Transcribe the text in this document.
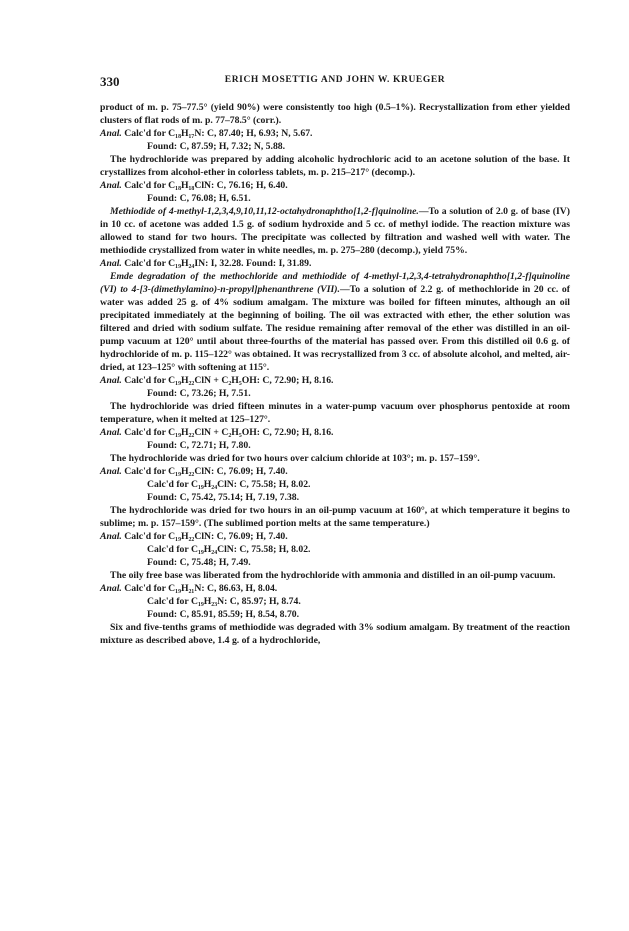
330	ERICH MOSETTIG AND JOHN W. KRUEGER

product of m. p. 75–77.5° (yield 90%) were consistently too high (0.5–1%). Recrystallization from ether yielded clusters of flat rods of m. p. 77–78.5° (corr.).

Anal. Calc'd for C₁₈H₁₇N: C, 87.40; H, 6.93; N, 5.67.

Found: C, 87.59; H, 7.32; N, 5.88.

The hydrochloride was prepared by adding alcoholic hydrochloric acid to an acetone solution of the base. It crystallizes from alcohol-ether in colorless tablets, m. p. 215–217° (decomp.).

Anal. Calc'd for C₁₈H₁₈ClN: C, 76.16; H, 6.40.

Found: C, 76.08; H, 6.51.

Methiodide of 4-methyl-1,2,3,4,9,10,11,12-octahydronaphtho[1,2-f]quinoline.—To a solution of 2.0 g. of base (IV) in 10 cc. of acetone was added 1.5 g. of sodium hydroxide and 5 cc. of methyl iodide. The reaction mixture was allowed to stand for two hours. The precipitate was collected by filtration and washed well with water. The methiodide crystallized from water in white needles, m. p. 275–280 (decomp.), yield 75%.

Anal. Calc'd for C₁₉H₂₄IN: I, 32.28. Found: I, 31.89.

Emde degradation of the methochloride and methiodide of 4-methyl-1,2,3,4-tetrahydronaphtho[1,2-f]quinoline (VI) to 4-[3-(dimethylamino)-n-propyl]phenanthrene (VII).—To a solution of 2.2 g. of methochloride in 20 cc. of water was added 25 g. of 4% sodium amalgam. The mixture was boiled for fifteen minutes, although an oil precipitated immediately at the beginning of boiling. The oil was extracted with ether, the ether solution was filtered and dried with sodium sulfate. The residue remaining after removal of the ether was distilled in an oil-pump vacuum at 120° until about three-fourths of the material has passed over. From this distilled oil 0.6 g. of hydrochloride of m. p. 115–122° was obtained. It was recrystallized from 3 cc. of absolute alcohol, and melted, air-dried, at 123–125° with softening at 115°.

Anal. Calc'd for C₁₉H₂₂ClN + C₂H₅OH: C, 72.90; H, 8.16.

Found: C, 73.26; H, 7.51.

The hydrochloride was dried fifteen minutes in a water-pump vacuum over phosphorus pentoxide at room temperature, when it melted at 125–127°.

Anal. Calc'd for C₁₉H₂₂ClN + C₂H₅OH: C, 72.90; H, 8.16.

Found: C, 72.71; H, 7.80.

The hydrochloride was dried for two hours over calcium chloride at 103°; m. p. 157–159°.

Anal. Calc'd for C₁₉H₂₂ClN: C, 76.09; H, 7.40.

Calc'd for C₁₉H₂₄ClN: C, 75.58; H, 8.02.

Found: C, 75.42, 75.14; H, 7.19, 7.38.

The hydrochloride was dried for two hours in an oil-pump vacuum at 160°, at which temperature it begins to sublime; m. p. 157–159°. (The sublimed portion melts at the same temperature.)

Anal. Calc'd for C₁₉H₂₂ClN: C, 76.09; H, 7.40.

Calc'd for C₁₉H₂₄ClN: C, 75.58; H, 8.02.

Found: C, 75.48; H, 7.49.

The oily free base was liberated from the hydrochloride with ammonia and distilled in an oil-pump vacuum.

Anal. Calc'd for C₁₉H₂₁N: C, 86.63, H, 8.04.

Calc'd for C₁₉H₂₃N: C, 85.97; H, 8.74.

Found: C, 85.91, 85.59; H, 8.54, 8.70.

Six and five-tenths grams of methiodide was degraded with 3% sodium amalgam. By treatment of the reaction mixture as described above, 1.4 g. of a hydrochloride,
